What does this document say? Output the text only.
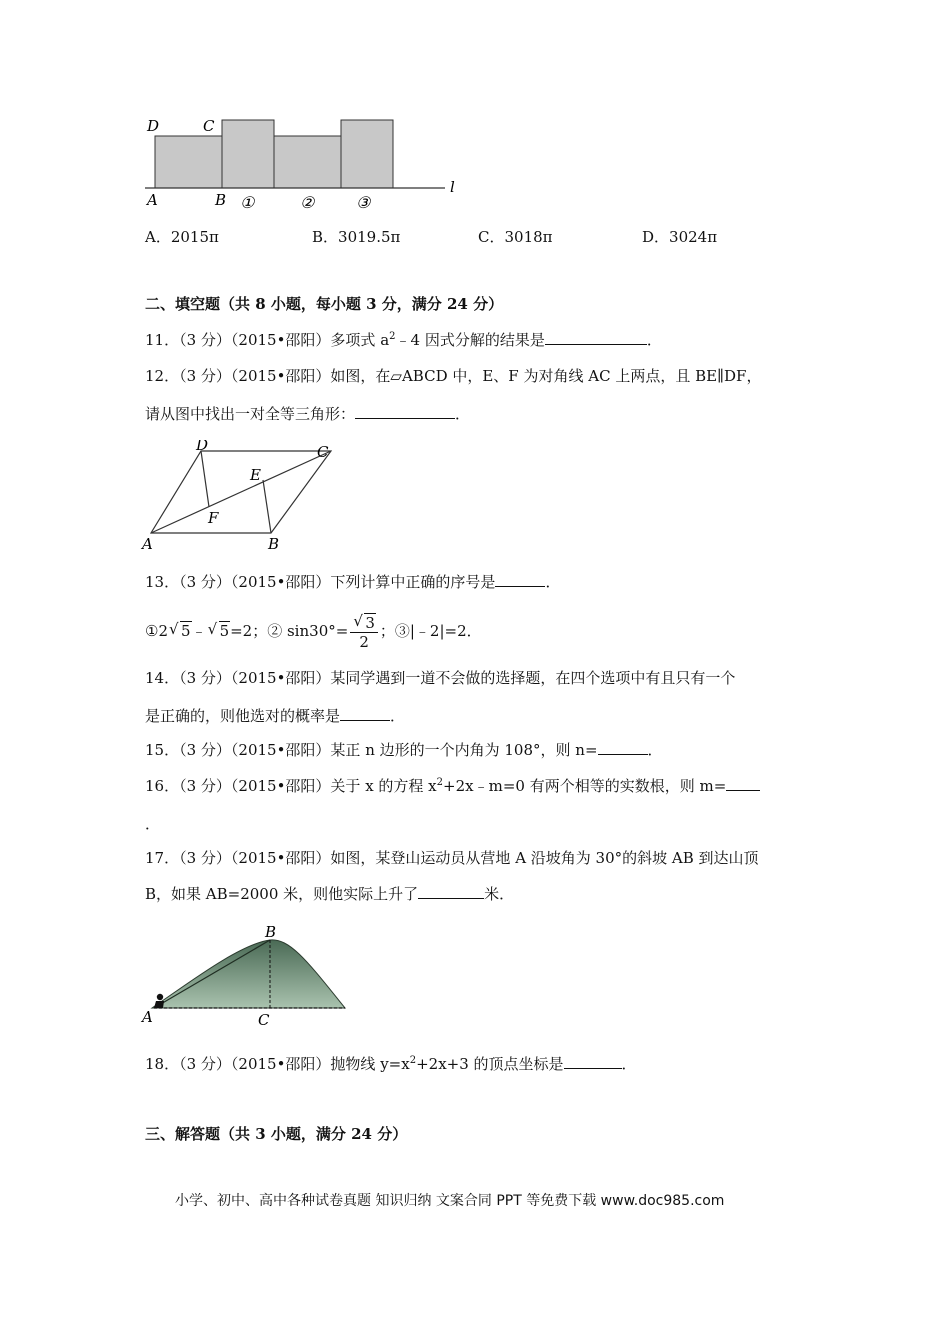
D	C
A	B
l
①	②	③
A．2015π	B．3019.5π	C．3018π	D．3024π
二、填空题（共 8 小题，每小题 3 分，满分 24 分）
11．（3 分）（2015•邵阳）多项式 $a^2﹣4$ 因式分解的结果是	．
12．（3 分）（2015•邵阳）如图，在▱ABCD 中，E、F 为对角线 AC 上两点，且 BE∥DF，
请从图中找出一对全等三角形：	．
D	C
E
F
A	B
13．（3 分）（2015•邵阳）下列计算中正确的序号是	．
①2 √ 5﹣ √ 5=2；② $\sin 30^\circ= \frac{√ 3}{2}$ ；③|﹣2|=2．
14．（3 分）（2015•邵阳）某同学遇到一道不会做的选择题，在四个选项中有且只有一个
是正确的，则他选对的概率是	．
15．（3 分）（2015•邵阳）某正 n 边形的一个内角为 108°，则 n=	．
16．（3 分）（2015•邵阳）关于 x 的方程 $x^2+2x﹣m=0$ 有两个相等的实数根，则 m=
．
17．（3 分）（2015•邵阳）如图，某登山运动员从营地 A 沿坡角为 30°的斜坡 AB 到达山顶
B，如果 AB=2000 米，则他实际上升了	米．
B
A	C
18．（3 分）（2015•邵阳）抛物线 $y=x^2+2x+3$ 的顶点坐标是	．
三、解答题（共 3 小题，满分 24 分）
小学、初中、高中各种试卷真题 知识归纳 文案合同 PPT 等免费下载 www.doc985.com
